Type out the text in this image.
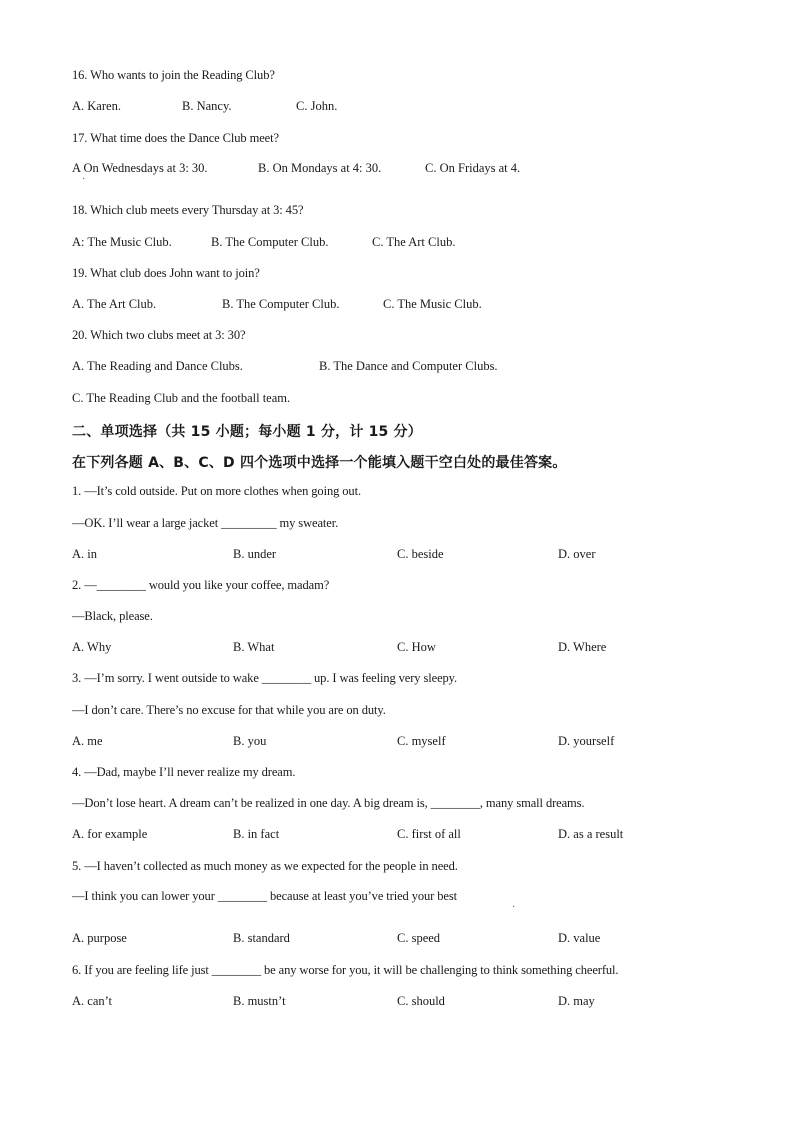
16. Who wants to join the Reading Club?
A. Karen.	B. Nancy.	C. John.
17. What time does the Dance Club meet?
A On Wednesdays at 3: 30.	B. On Mondays at 4: 30.	C. On Fridays at 4.
·
18. Which club meets every Thursday at 3: 45?
A: The Music Club.	B. The Computer Club.	C. The Art Club.
19. What club does John want to join?
A. The Art Club.	B. The Computer Club.	C. The Music Club.
20. Which two clubs meet at 3: 30?
A. The Reading and Dance Clubs.	B. The Dance and Computer Clubs.
C. The Reading Club and the football team.
二、单项选择（共 15 小题；每小题 1 分，计 15 分）
在下列各题 A、B、C、D 四个选项中选择一个能填入题干空白处的最佳答案。
1. —It’s cold outside. Put on more clothes when going out.
—OK. I’ll wear a large jacket _________ my sweater.
A. in	B. under	C. beside	D. over
2. —________ would you like your coffee, madam?
—Black, please.
A. Why	B. What	C. How	D. Where
3. —I’m sorry. I went outside to wake ________ up. I was feeling very sleepy.
—I don’t care. There’s no excuse for that while you are on duty.
A. me	B. you	C. myself	D. yourself
4. —Dad, maybe I’ll never realize my dream.
—Don’t lose heart. A dream can’t be realized in one day. A big dream is, ________, many small dreams.
A. for example	B. in fact	C. first of all	D. as a result
5. —I haven’t collected as much money as we expected for the people in need.
—I think you can lower your ________ because at least you’ve tried your best
·
A. purpose	B. standard	C. speed	D. value
6. If you are feeling life just ________ be any worse for you, it will be challenging to think something cheerful.
A. can’t	B. mustn’t	C. should	D. may
